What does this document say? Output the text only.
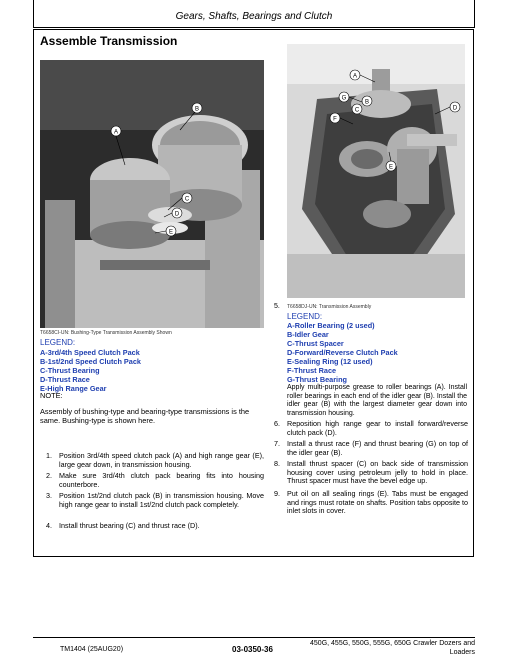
Gears, Shafts, Bearings and Clutch
Assemble Transmission
A
B
C
D
E
T6658CI-UN: Bushing-Type Transmission Assembly Shown
LEGEND:
A-3rd/4th Speed Clutch Pack
B-1st/2nd Speed Clutch Pack
C-Thrust Bearing
D-Thrust Race
E-High Range Gear
NOTE:
Assembly of bushing-type and bearing-type transmissions is the same. Bushing-type is shown here.
1. Position 3rd/4th speed clutch pack (A) and high range gear (E), large gear down, in transmission housing.
2. Make sure 3rd/4th clutch pack bearing fits into housing counterbore.
3. Position 1st/2nd clutch pack (B) in transmission housing. Move high range gear to install 1st/2nd clutch pack completely.
4. Install thrust bearing (C) and thrust race (D).
A
G
C	D
E
F
B
5. T6658DJ-UN: Transmission Assembly
LEGEND:
A-Roller Bearing (2 used)
B-Idler Gear
C-Thrust Spacer
D-Forward/Reverse Clutch Pack
E-Sealing Ring (12 used)
F-Thrust Race
G-Thrust Bearing
Apply multi-purpose grease to roller bearings (A). Install roller bearings in each end of the idler gear (B). Install the idler gear (B) with the largest diameter gear down into transmission housing.
6. Reposition high range gear to install forward/reverse clutch pack (D).
7. Install a thrust race (F) and thrust bearing (G) on top of the idler gear (B).
8. Install thrust spacer (C) on back side of transmission housing cover using petroleum jelly to hold in place. Thrust spacer must have the bevel edge up.
9. Put oil on all sealing rings (E). Tabs must be engaged and rings must rotate on shafts. Position tabs opposite to inlet slots in cover.
TM1404 (25AUG20)	03-0350-36
450G, 455G, 550G, 555G, 650G Crawler Dozers and Loaders
